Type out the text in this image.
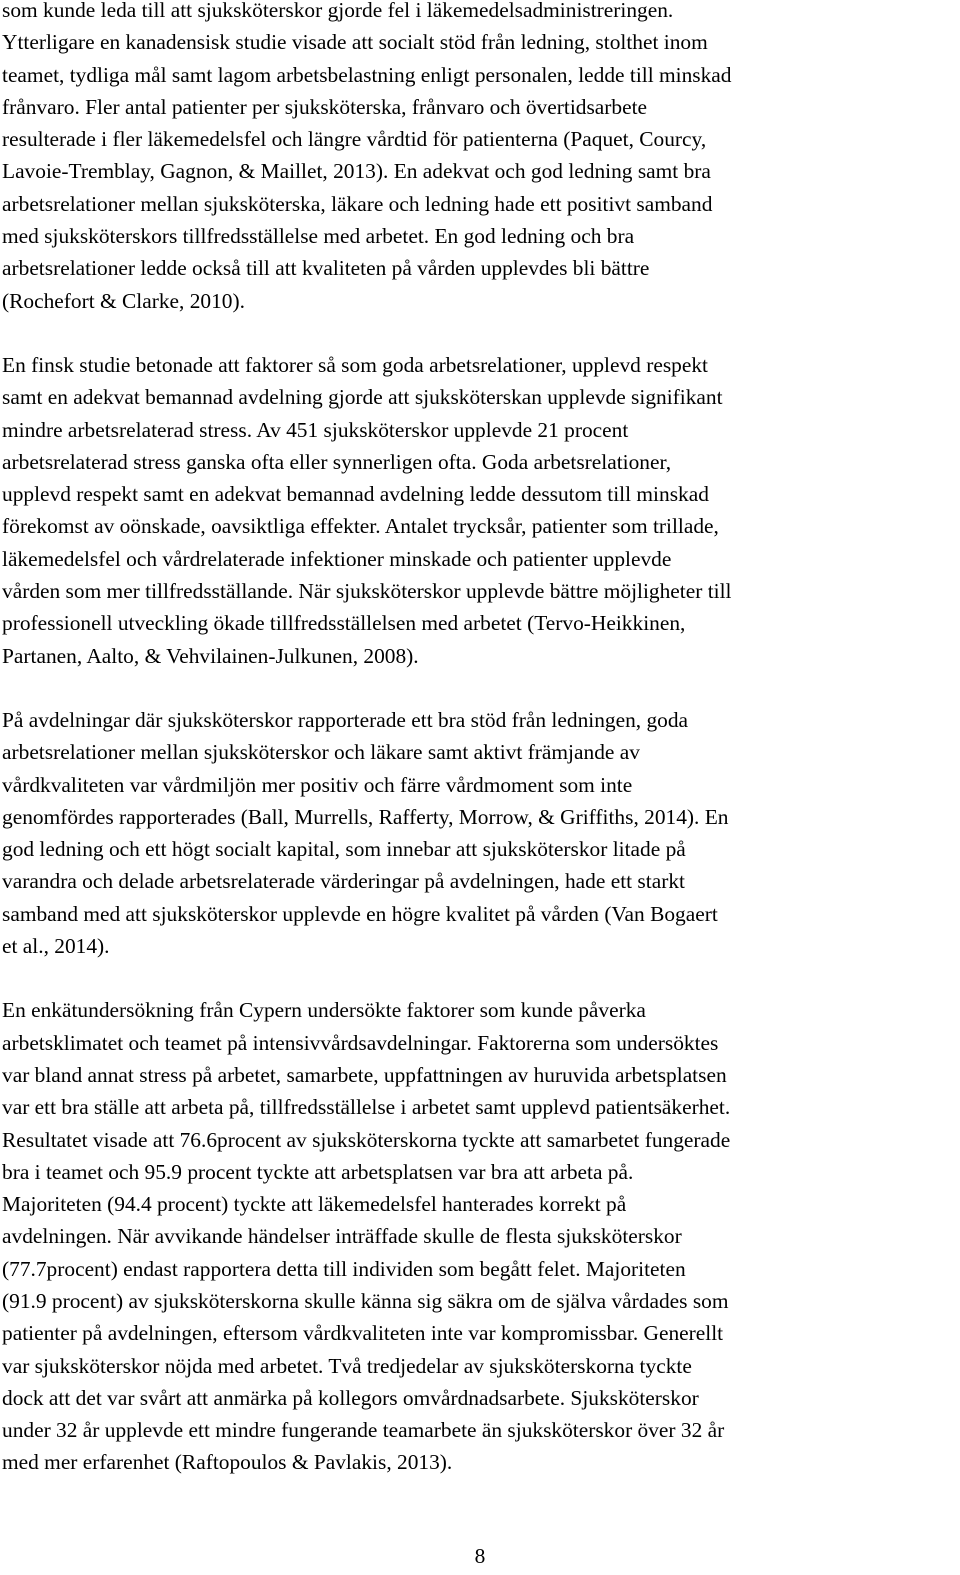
som kunde leda till att sjuksköterskor gjorde fel i läkemedelsadministreringen.
Ytterligare en kanadensisk studie visade att socialt stöd från ledning, stolthet inom
teamet, tydliga mål samt lagom arbetsbelastning enligt personalen, ledde till minskad
frånvaro. Fler antal patienter per sjuksköterska, frånvaro och övertidsarbete
resulterade i fler läkemedelsfel och längre vårdtid för patienterna (Paquet, Courcy,
Lavoie-Tremblay, Gagnon, & Maillet, 2013). En adekvat och god ledning samt bra
arbetsrelationer mellan sjuksköterska, läkare och ledning hade ett positivt samband
med sjuksköterskors tillfredsställelse med arbetet. En god ledning och bra
arbetsrelationer ledde också till att kvaliteten på vården upplevdes bli bättre
(Rochefort & Clarke, 2010).

En finsk studie betonade att faktorer så som goda arbetsrelationer, upplevd respekt
samt en adekvat bemannad avdelning gjorde att sjuksköterskan upplevde signifikant
mindre arbetsrelaterad stress. Av 451 sjuksköterskor upplevde 21 procent
arbetsrelaterad stress ganska ofta eller synnerligen ofta. Goda arbetsrelationer,
upplevd respekt samt en adekvat bemannad avdelning ledde dessutom till minskad
förekomst av oönskade, oavsiktliga effekter. Antalet trycksår, patienter som trillade,
läkemedelsfel och vårdrelaterade infektioner minskade och patienter upplevde
vården som mer tillfredsställande. När sjuksköterskor upplevde bättre möjligheter till
professionell utveckling ökade tillfredsställelsen med arbetet (Tervo-Heikkinen,
Partanen, Aalto, & Vehvilainen-Julkunen, 2008).

På avdelningar där sjuksköterskor rapporterade ett bra stöd från ledningen, goda
arbetsrelationer mellan sjuksköterskor och läkare samt aktivt främjande av
vårdkvaliteten var vårdmiljön mer positiv och färre vårdmoment som inte
genomfördes rapporterades (Ball, Murrells, Rafferty, Morrow, & Griffiths, 2014). En
god ledning och ett högt socialt kapital, som innebar att sjuksköterskor litade på
varandra och delade arbetsrelaterade värderingar på avdelningen, hade ett starkt
samband med att sjuksköterskor upplevde en högre kvalitet på vården (Van Bogaert
et al., 2014).

En enkätundersökning från Cypern undersökte faktorer som kunde påverka
arbetsklimatet och teamet på intensivvårdsavdelningar. Faktorerna som undersöktes
var bland annat stress på arbetet, samarbete, uppfattningen av huruvida arbetsplatsen
var ett bra ställe att arbeta på, tillfredsställelse i arbetet samt upplevd patientsäkerhet.
Resultatet visade att 76.6procent av sjuksköterskorna tyckte att samarbetet fungerade
bra i teamet och 95.9 procent tyckte att arbetsplatsen var bra att arbeta på.
Majoriteten (94.4 procent) tyckte att läkemedelsfel hanterades korrekt på
avdelningen. När avvikande händelser inträffade skulle de flesta sjuksköterskor
(77.7procent) endast rapportera detta till individen som begått felet. Majoriteten
(91.9 procent) av sjuksköterskorna skulle känna sig säkra om de själva vårdades som
patienter på avdelningen, eftersom vårdkvaliteten inte var kompromissbar. Generellt
var sjuksköterskor nöjda med arbetet. Två tredjedelar av sjuksköterskorna tyckte
dock att det var svårt att anmärka på kollegors omvårdnadsarbete. Sjuksköterskor
under 32 år upplevde ett mindre fungerande teamarbete än sjuksköterskor över 32 år
med mer erfarenhet (Raftopoulos & Pavlakis, 2013).

8
